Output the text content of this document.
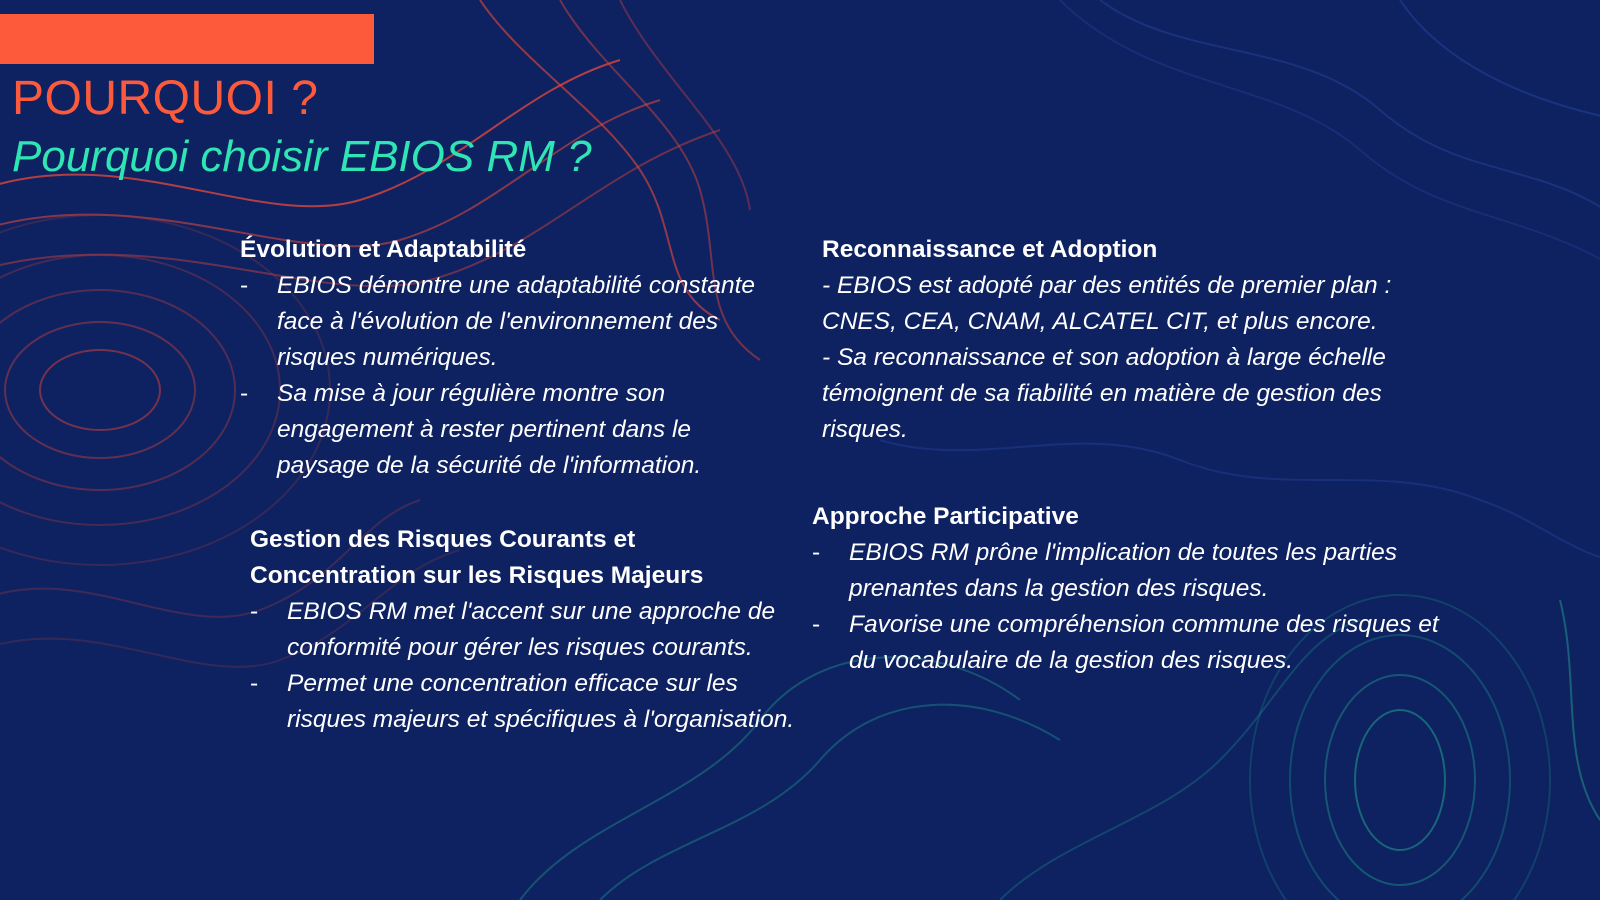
POURQUOI ?
Pourquoi choisir EBIOS RM ?
Évolution et Adaptabilité
- EBIOS démontre une adaptabilité constante face à l'évolution de l'environnement des risques numériques.
- Sa mise à jour régulière montre son engagement à rester pertinent dans le paysage de la sécurité de l'information.
Gestion des Risques Courants et Concentration sur les Risques Majeurs
- EBIOS RM met l'accent sur une approche de conformité pour gérer les risques courants.
- Permet une concentration efficace sur les risques majeurs et spécifiques à l'organisation.
Reconnaissance et Adoption

- EBIOS est adopté par des entités de premier plan : CNES, CEA, CNAM, ALCATEL CIT, et plus encore.

- Sa reconnaissance et son adoption à large échelle témoignent de sa fiabilité en matière de gestion des risques.

Approche Participative
- EBIOS RM prône l'implication de toutes les parties prenantes dans la gestion des risques.
- Favorise une compréhension commune des risques et du vocabulaire de la gestion des risques.
